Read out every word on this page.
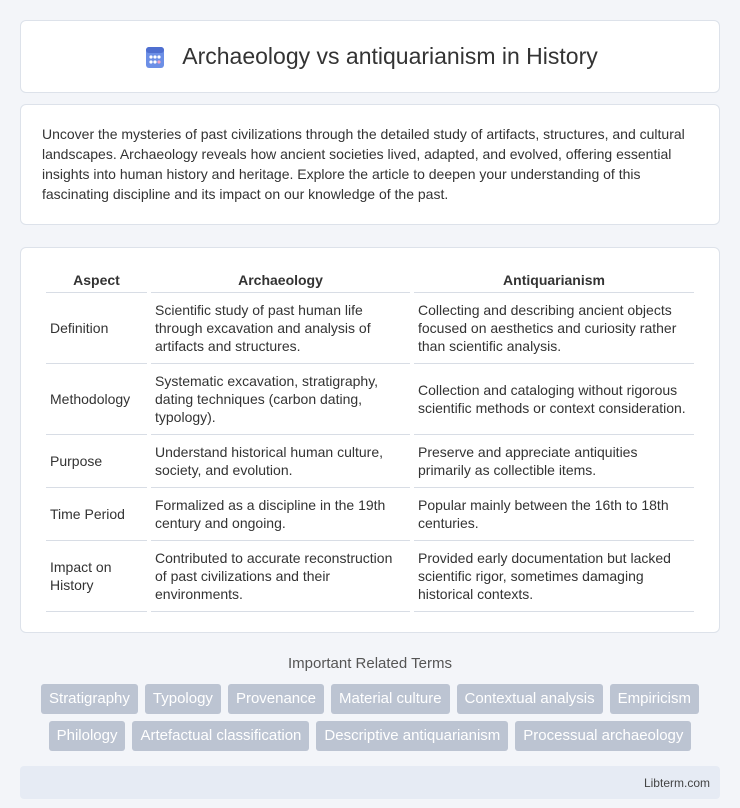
Archaeology vs antiquarianism in History

Uncover the mysteries of past civilizations through the detailed study of artifacts, structures, and cultural landscapes. Archaeology reveals how ancient societies lived, adapted, and evolved, offering essential insights into human history and heritage. Explore the article to deepen your understanding of this fascinating discipline and its impact on our knowledge of the past.

Aspect	Archaeology	Antiquarianism
Definition	Scientific study of past human life through excavation and analysis of artifacts and structures.	Collecting and describing ancient objects focused on aesthetics and curiosity rather than scientific analysis.
Methodology	Systematic excavation, stratigraphy, dating techniques (carbon dating, typology).	Collection and cataloging without rigorous scientific methods or context consideration.
Purpose	Understand historical human culture, society, and evolution.	Preserve and appreciate antiquities primarily as collectible items.
Time Period	Formalized as a discipline in the 19th century and ongoing.	Popular mainly between the 16th to 18th centuries.
Impact on History	Contributed to accurate reconstruction of past civilizations and their environments.	Provided early documentation but lacked scientific rigor, sometimes damaging historical contexts.
Important Related Terms
Stratigraphy	Typology	Provenance	Material culture	Contextual analysis	Empiricism
Philology	Artefactual classification	Descriptive antiquarianism	Processual archaeology
Libterm.com
